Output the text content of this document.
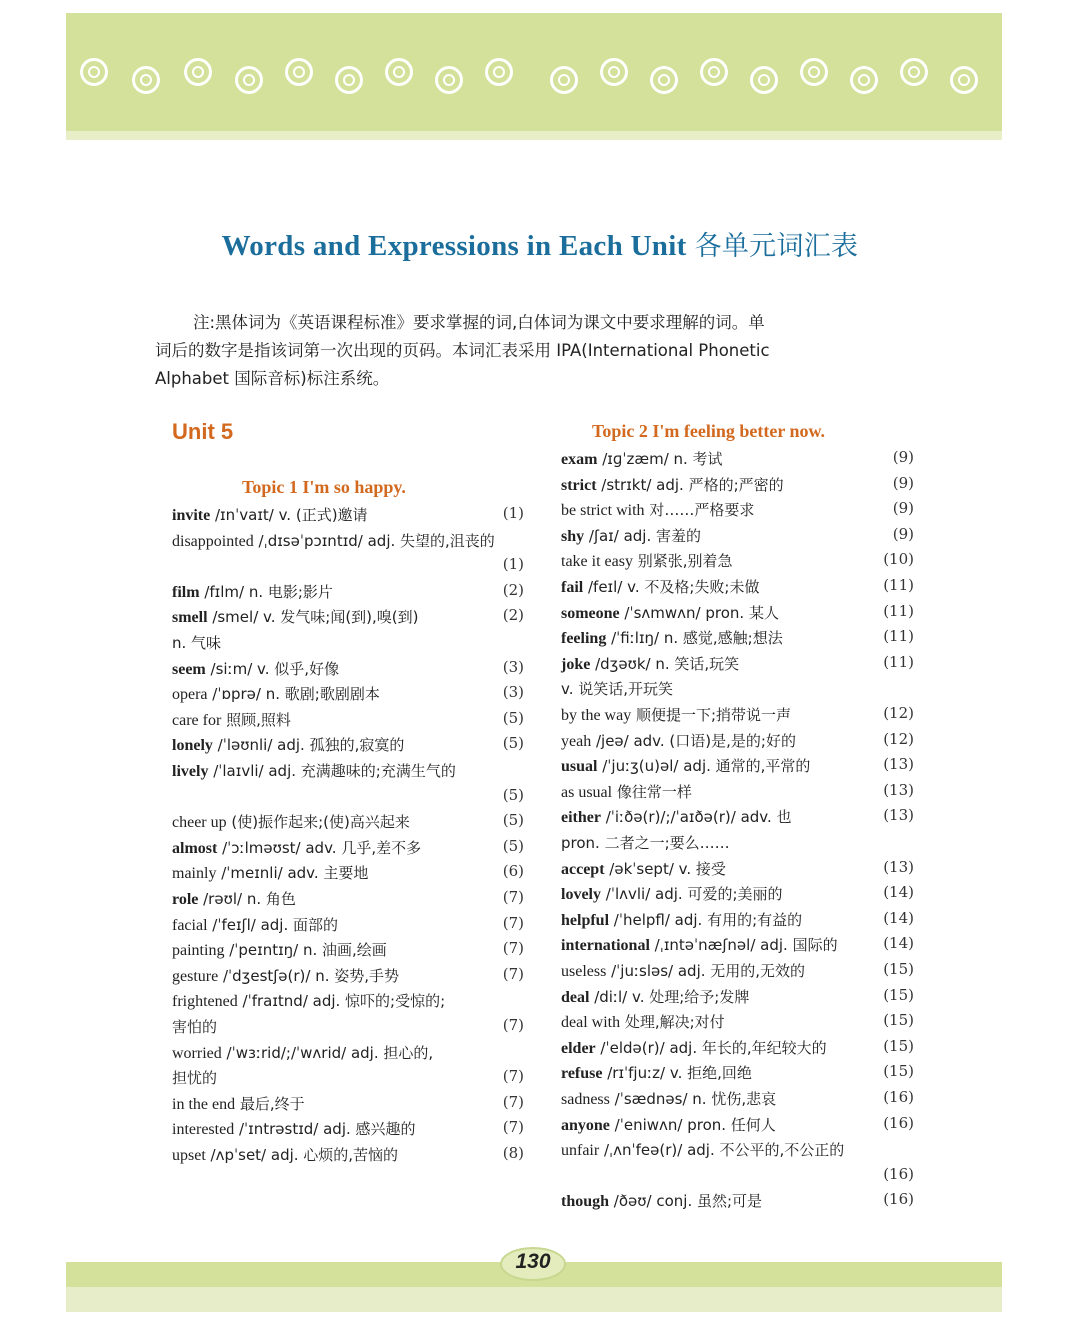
Words and Expressions in Each Unit 各单元词汇表

注:黑体词为《英语课程标准》要求掌握的词,白体词为课文中要求理解的词。单

词后的数字是指该词第一次出现的页码。本词汇表采用 IPA(International Phonetic

Alphabet 国际音标)标注系统。

Unit 5
Topic 1 I'm so happy.
Topic 2 I'm feeling better now.
invite /ɪnˈvaɪt/ v. (正式)邀请	(1)
disappointed /ˌdɪsəˈpɔɪntɪd/ adj. 失望的,沮丧的
(1)
film /fɪlm/ n. 电影;影片	(2)
smell /smel/ v. 发气味;闻(到),嗅(到)	(2)
n. 气味
seem /siːm/ v. 似乎,好像	(3)
opera /ˈɒprə/ n. 歌剧;歌剧剧本	(3)
care for 照顾,照料	(5)
lonely /ˈləʊnli/ adj. 孤独的,寂寞的	(5)
lively /ˈlaɪvli/ adj. 充满趣味的;充满生气的
(5)
cheer up (使)振作起来;(使)高兴起来	(5)
almost /ˈɔːlməʊst/ adv. 几乎,差不多	(5)
mainly /ˈmeɪnli/ adv. 主要地	(6)
role /rəʊl/ n. 角色	(7)
facial /ˈfeɪʃl/ adj. 面部的	(7)
painting /ˈpeɪntɪŋ/ n. 油画,绘画	(7)
gesture /ˈdʒestʃə(r)/ n. 姿势,手势	(7)
frightened /ˈfraɪtnd/ adj. 惊吓的;受惊的;
害怕的	(7)
worried /ˈwɜːrid/;/ˈwʌrid/ adj. 担心的,
担忧的	(7)
in the end 最后,终于	(7)
interested /ˈɪntrəstɪd/ adj. 感兴趣的	(7)
upset /ʌpˈset/ adj. 心烦的,苦恼的	(8)
exam /ɪɡˈzæm/ n. 考试	(9)
strict /strɪkt/ adj. 严格的;严密的	(9)
be strict with 对……严格要求	(9)
shy /ʃaɪ/ adj. 害羞的	(9)
take it easy 别紧张,别着急	(10)
fail /feɪl/ v. 不及格;失败;未做	(11)
someone /ˈsʌmwʌn/ pron. 某人	(11)
feeling /ˈfiːlɪŋ/ n. 感觉,感触;想法	(11)
joke /dʒəʊk/ n. 笑话,玩笑	(11)
v. 说笑话,开玩笑
by the way 顺便提一下;捎带说一声	(12)
yeah /jeə/ adv. (口语)是,是的;好的	(12)
usual /ˈjuːʒ(u)əl/ adj. 通常的,平常的	(13)
as usual 像往常一样	(13)
either /ˈiːðə(r)/;/ˈaɪðə(r)/ adv. 也	(13)
pron. 二者之一;要么……
accept /əkˈsept/ v. 接受	(13)
lovely /ˈlʌvli/ adj. 可爱的;美丽的	(14)
helpful /ˈhelpfl/ adj. 有用的;有益的	(14)
international /ˌɪntəˈnæʃnəl/ adj. 国际的	(14)
useless /ˈjuːsləs/ adj. 无用的,无效的	(15)
deal /diːl/ v. 处理;给予;发牌	(15)
deal with 处理,解决;对付	(15)
elder /ˈeldə(r)/ adj. 年长的,年纪较大的	(15)
refuse /rɪˈfjuːz/ v. 拒绝,回绝	(15)
sadness /ˈsædnəs/ n. 忧伤,悲哀	(16)
anyone /ˈeniwʌn/ pron. 任何人	(16)
unfair /ˌʌnˈfeə(r)/ adj. 不公平的,不公正的
(16)
though /ðəʊ/ conj. 虽然;可是	(16)
130
